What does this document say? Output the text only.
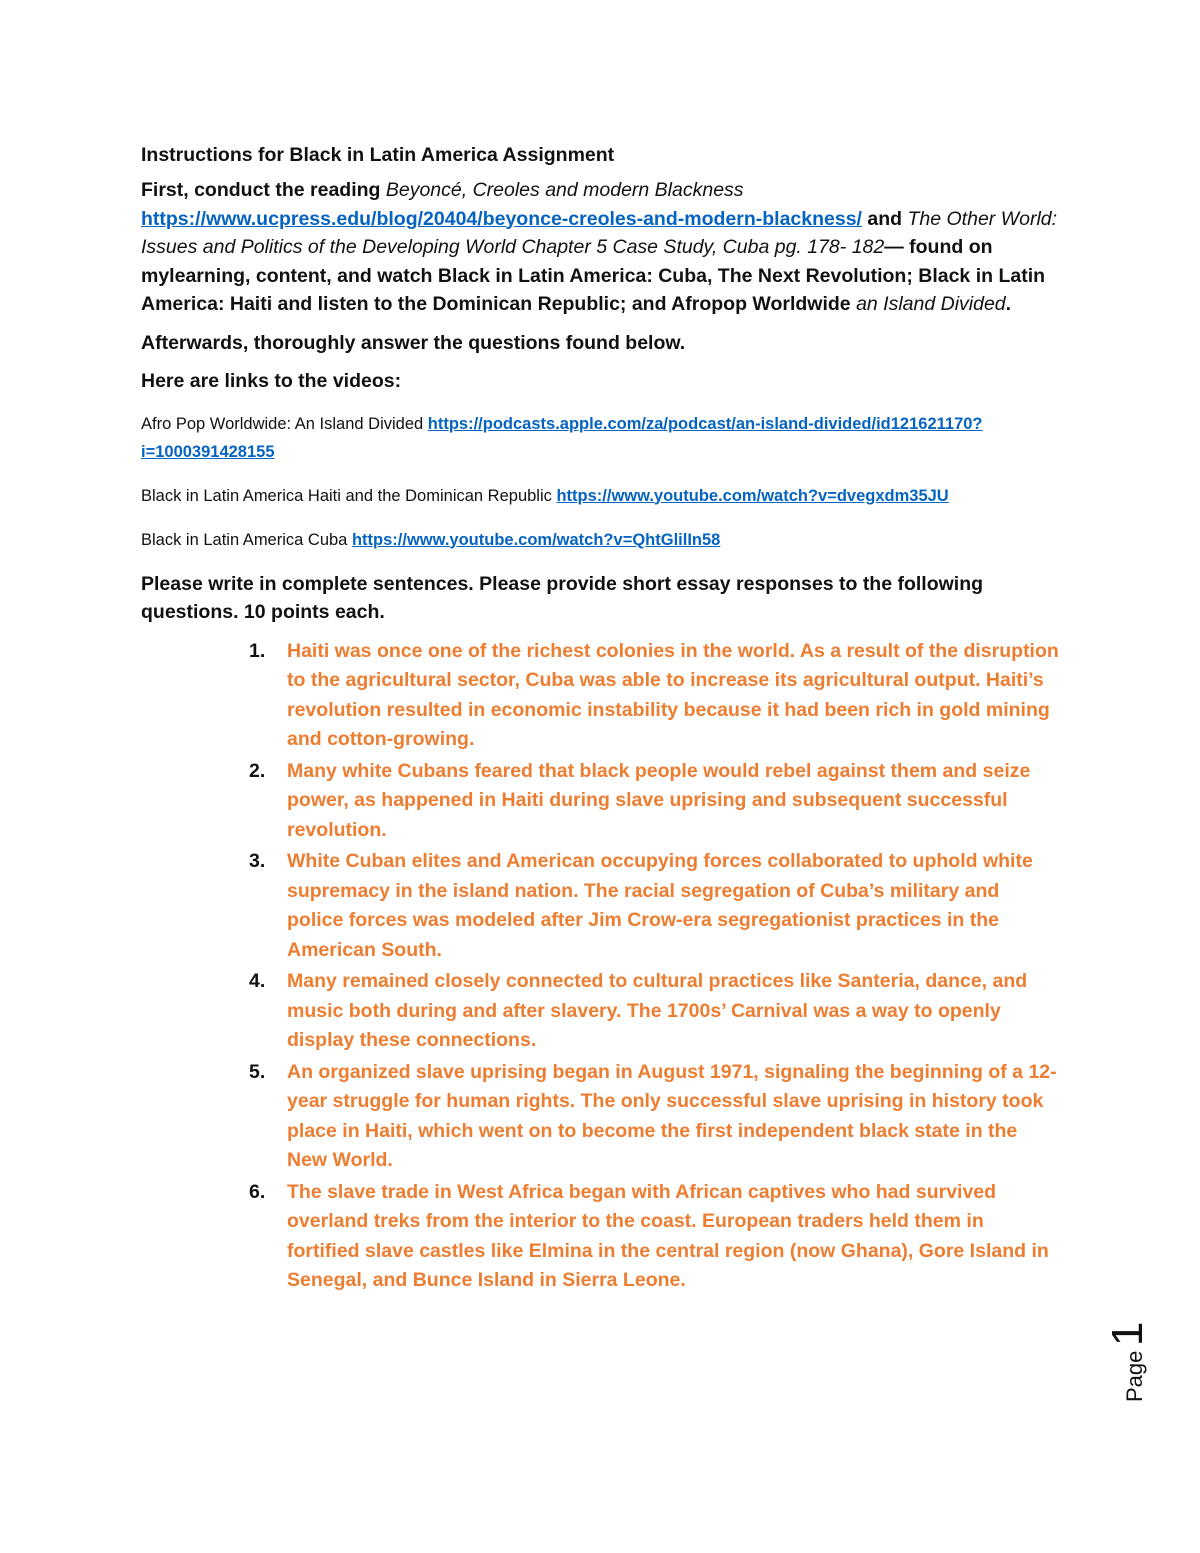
Instructions for Black in Latin America Assignment

First, conduct the reading Beyoncé, Creoles and modern Blackness https://www.ucpress.edu/blog/20404/beyonce-creoles-and-modern-blackness/ and The Other World: Issues and Politics of the Developing World Chapter 5 Case Study, Cuba pg. 178- 182— found on mylearning, content, and watch Black in Latin America: Cuba, The Next Revolution; Black in Latin America: Haiti and listen to the Dominican Republic; and Afropop Worldwide an Island Divided.

Afterwards, thoroughly answer the questions found below.

Here are links to the videos:

Afro Pop Worldwide: An Island Divided https://podcasts.apple.com/za/podcast/an-island-divided/id121621170?i=1000391428155

Black in Latin America Haiti and the Dominican Republic https://www.youtube.com/watch?v=dvegxdm35JU

Black in Latin America Cuba https://www.youtube.com/watch?v=QhtGlilIn58

Please write in complete sentences. Please provide short essay responses to the following questions. 10 points each.

1. Haiti was once one of the richest colonies in the world. As a result of the disruption to the agricultural sector, Cuba was able to increase its agricultural output. Haiti’s revolution resulted in economic instability because it had been rich in gold mining and cotton-growing.
2. Many white Cubans feared that black people would rebel against them and seize power, as happened in Haiti during slave uprising and subsequent successful revolution.
3. White Cuban elites and American occupying forces collaborated to uphold white supremacy in the island nation. The racial segregation of Cuba’s military and police forces was modeled after Jim Crow-era segregationist practices in the American South.
4. Many remained closely connected to cultural practices like Santeria, dance, and music both during and after slavery. The 1700s’ Carnival was a way to openly display these connections.
5. An organized slave uprising began in August 1971, signaling the beginning of a 12-year struggle for human rights. The only successful slave uprising in history took place in Haiti, which went on to become the first independent black state in the New World.
6. The slave trade in West Africa began with African captives who had survived overland treks from the interior to the coast. European traders held them in fortified slave castles like Elmina in the central region (now Ghana), Gore Island in Senegal, and Bunce Island in Sierra Leone.
Page 1
